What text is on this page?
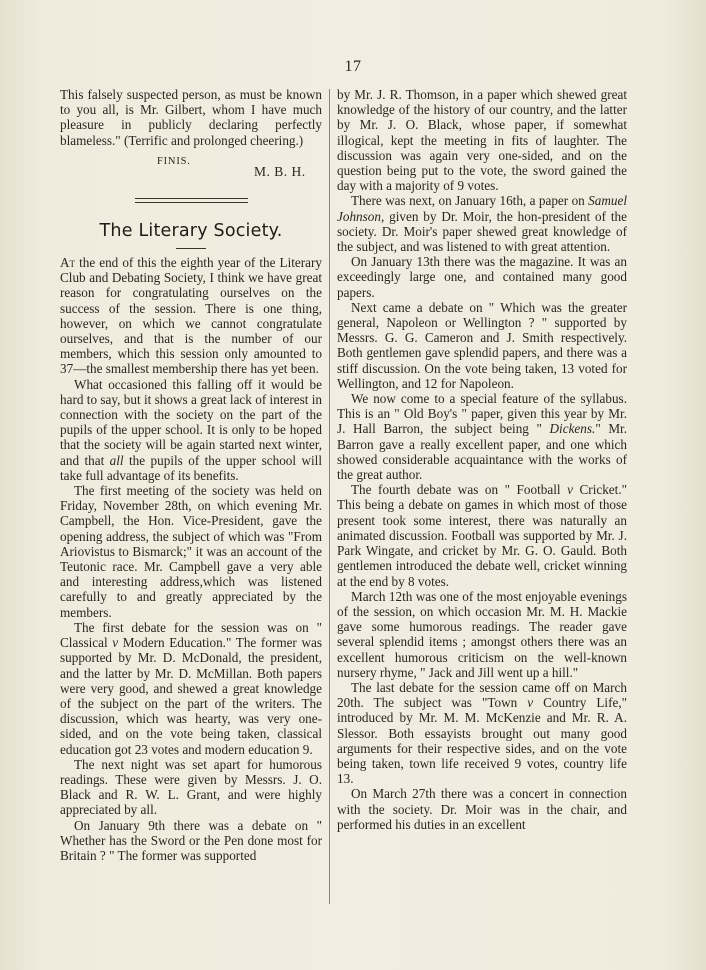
17

This falsely suspected person, as must be known to you all, is Mr. Gilbert, whom I have much pleasure in publicly declaring perfectly blameless." (Terrific and prolonged cheering.)

FINIS.
M. B. H.
The Literary Society.

At the end of this the eighth year of the Literary Club and Debating Society, I think we have great reason for congratulating ourselves on the success of the session. There is one thing, however, on which we cannot congratulate ourselves, and that is the number of our members, which this session only amounted to 37—the smallest membership there has yet been.

What occasioned this falling off it would be hard to say, but it shows a great lack of interest in connection with the society on the part of the pupils of the upper school. It is only to be hoped that the society will be again started next winter, and that all the pupils of the upper school will take full advantage of its benefits.

The first meeting of the society was held on Friday, November 28th, on which evening Mr. Campbell, the Hon. Vice-President, gave the opening address, the subject of which was "From Ariovistus to Bismarck;" it was an account of the Teutonic race. Mr. Campbell gave a very able and interesting address,which was listened carefully to and greatly appreciated by the members.

The first debate for the session was on " Classical v Modern Education." The former was supported by Mr. D. McDonald, the president, and the latter by Mr. D. McMillan. Both papers were very good, and shewed a great knowledge of the subject on the part of the writers. The discussion, which was hearty, was very one-sided, and on the vote being taken, classical education got 23 votes and modern education 9.

The next night was set apart for humorous readings. These were given by Messrs. J. O. Black and R. W. L. Grant, and were highly appreciated by all.

On January 9th there was a debate on " Whether has the Sword or the Pen done most for Britain ? " The former was supported

by Mr. J. R. Thomson, in a paper which shewed great knowledge of the history of our country, and the latter by Mr. J. O. Black, whose paper, if somewhat illogical, kept the meeting in fits of laughter. The discussion was again very one-sided, and on the question being put to the vote, the sword gained the day with a majority of 9 votes.

There was next, on January 16th, a paper on Samuel Johnson, given by Dr. Moir, the hon-president of the society. Dr. Moir's paper shewed great knowledge of the subject, and was listened to with great attention.

On January 13th there was the magazine. It was an exceedingly large one, and contained many good papers.

Next came a debate on " Which was the greater general, Napoleon or Wellington ? " supported by Messrs. G. G. Cameron and J. Smith respectively. Both gentlemen gave splendid papers, and there was a stiff discussion. On the vote being taken, 13 voted for Wellington, and 12 for Napoleon.

We now come to a special feature of the syllabus. This is an " Old Boy's " paper, given this year by Mr. J. Hall Barron, the subject being " Dickens." Mr. Barron gave a really excellent paper, and one which showed considerable acquaintance with the works of the great author.

The fourth debate was on " Football v Cricket." This being a debate on games in which most of those present took some interest, there was naturally an animated discussion. Football was supported by Mr. J. Park Wingate, and cricket by Mr. G. O. Gauld. Both gentlemen introduced the debate well, cricket winning at the end by 8 votes.

March 12th was one of the most enjoyable evenings of the session, on which occasion Mr. M. H. Mackie gave some humorous readings. The reader gave several splendid items ; amongst others there was an excellent humorous criticism on the well-known nursery rhyme, " Jack and Jill went up a hill."

The last debate for the session came off on March 20th. The subject was "Town v Country Life," introduced by Mr. M. M. McKenzie and Mr. R. A. Slessor. Both essayists brought out many good arguments for their respective sides, and on the vote being taken, town life received 9 votes, country life 13.

On March 27th there was a concert in connection with the society. Dr. Moir was in the chair, and performed his duties in an excellent
